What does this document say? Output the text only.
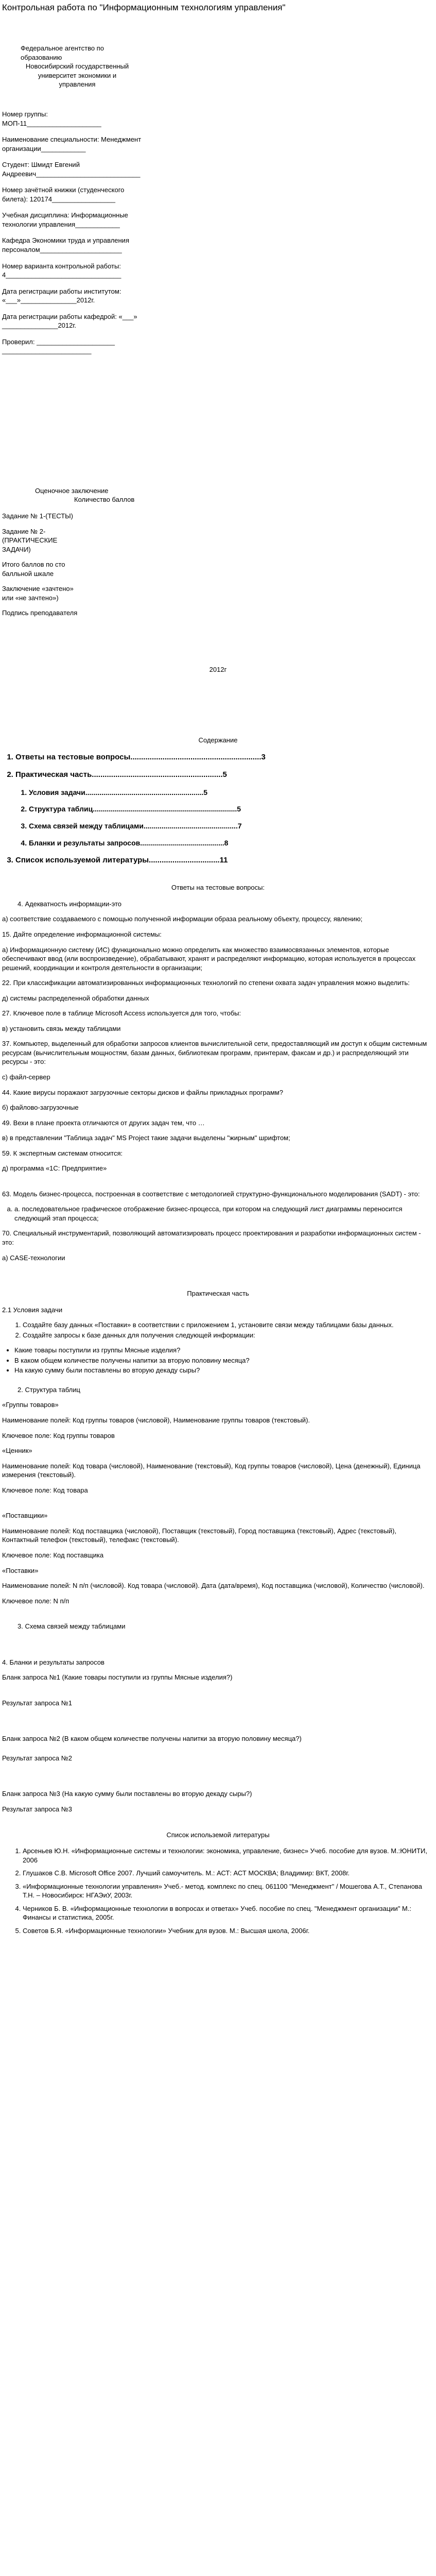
Контрольная работа по "Информационным технологиям управления"
Федеральное агентство по образованию
Новосибирский государственный университет экономики и управления
Номер группы: МОП-11____________________
Наименование специальности: Менеджмент организации____________
Студент: Шмидт Евгений Андреевич____________________________
Номер зачётной книжки (студенческого билета): 120174_________________
Учебная дисциплина: Информационные технологии управления____________
Кафедра Экономики труда и управления персоналом______________________
Номер варианта контрольной работы: 4_______________________________
Дата регистрации работы институтом: «___»_______________2012г.
Дата регистрации работы кафедрой: «___» _______________2012г.
Проверил: _____________________ ________________________
Оценочное заключение
Количество баллов

Задание № 1-(ТЕСТЫ)

Задание № 2-(ПРАКТИЧЕСКИЕ ЗАДАЧИ)

Итого баллов по сто балльной шкале

Заключение «зачтено» или «не зачтено»)

Подпись преподавателя

2012г
Содержание
1. Ответы на тестовые вопросы.............................................................3
2. Практическая часть.............................................................5
1. Условия задачи...........................................................5
2. Структура таблиц........................................................................5
3. Схема связей между таблицами...............................................7
4. Бланки и результаты запросов..........................................8
3. Список используемой литературы.................................11
Ответы на тестовые вопросы:

4. Адекватность информации-это

а) соответствие создаваемого с помощью полученной информации образа реальному объекту, процессу, явлению;

15. Дайте определение информационной системы:

а) Информационную систему (ИС) функционально можно определить как множество взаимосвязанных элементов, которые обеспечивают ввод (или воспроизведение), обрабатывают, хранят и распределяют информацию, которая используется в процессах решений, координации и контроля деятельности в организации;

22. При классификации автоматизированных информационных технологий по степени охвата задач управления можно выделить:

д) системы распределенной обработки данных

27. Ключевое поле в таблице Microsoft Access используется для того, чтобы:

в) установить связь между таблицами

37. Компьютер, выделенный для обработки запросов клиентов вычислительной сети, предоставляющий им доступ к общим системным ресурсам (вычислительным мощностям, базам данных, библиотекам программ, принтерам, факсам и др.) и распределяющий эти ресурсы - это:

с) файл-сервер

44. Какие вирусы поражают загрузочные секторы дисков и файлы прикладных программ?

б) файлово-загрузочные

49. Вехи в плане проекта отличаются от других задач тем, что …

в) в представлении "Таблица задач" MS Project такие задачи выделены "жирным" шрифтом;

59. К экспертным системам относится:

д) программа «1С: Предприятие»

63. Модель бизнес-процесса, построенная в соответствие с методологией структурно-функционального моделирования (SADT) - это:

a. а. последовательное графическое отображение бизнес-процесса, при котором на следующий лист диаграммы переносится следующий этап процесса;

70. Специальный инструментарий, позволяющий автоматизировать процесс проектирования и разработки информационных систем - это:

а) CASE-технологии

Практическая часть

2.1 Условия задачи

1. Создайте базу данных «Поставки» в соответствии с приложением 1, установите связи между таблицами базы данных.
2. Создайте запросы к базе данных для получения следующей информации:
• Какие товары поступили из группы Мясные изделия?
• В каком общем количестве получены напитки за вторую половину месяца?
• На какую сумму были поставлены во вторую декаду сыры?

2. Структура таблиц

«Группы товаров»

Наименование полей: Код группы товаров (числовой), Наименование группы товаров (текстовый).

Ключевое поле: Код группы товаров

«Ценник»

Наименование полей: Код товара (числовой), Наименование (текстовый), Код группы товаров (числовой), Цена (денежный), Единица измерения (текстовый).

Ключевое поле: Код товара

«Поставщики»

Наименование полей: Код поставщика (числовой), Поставщик (текстовый), Город поставщика (текстовый), Адрес (текстовый), Контактный телефон (текстовый), телефакс (текстовый).

Ключевое поле: Код поставщика

«Поставки»

Наименование полей: N п/п (числовой). Код товара (числовой). Дата (дата/время), Код поставщика (числовой), Количество (числовой).

Ключевое поле: N п/п

3. Схема связей между таблицами

4. Бланки и результаты запросов

Бланк запроса №1 (Какие товары поступили из группы Мясные изделия?)

Результат запроса №1

Бланк запроса №2 (В каком общем количестве получены напитки за вторую половину месяца?)

Результат запроса №2

Бланк запроса №3 (На какую сумму были поставлены во вторую декаду сыры?)

Результат запроса №3

Список использемой литературы
1. Арсеньев Ю.Н. «Информационные системы и технологии: экономика, управление, бизнес» Учеб. пособие для вузов. М.:ЮНИТИ, 2006
2. Глушаков С.В. Microsoft Office 2007. Лучший самоучитель. М.: АСТ: АСТ МОСКВА; Владимир: ВКТ, 2008г.
3. «Информационные технологии управления» Учеб.- метод. комплекс по спец. 061100 "Менеджмент" / Мошегова А.Т., Степанова Т.Н. – Новосибирск: НГАЭиУ, 2003г.
4. Черников Б. В. «Информационные технологии в вопросах и ответах» Учеб. пособие по спец. "Менеджмент организации" М.: Финансы и статистика, 2005г.
5. Советов Б.Я. «Информационные технологии» Учебник для вузов. М.: Высшая школа, 2006г.
